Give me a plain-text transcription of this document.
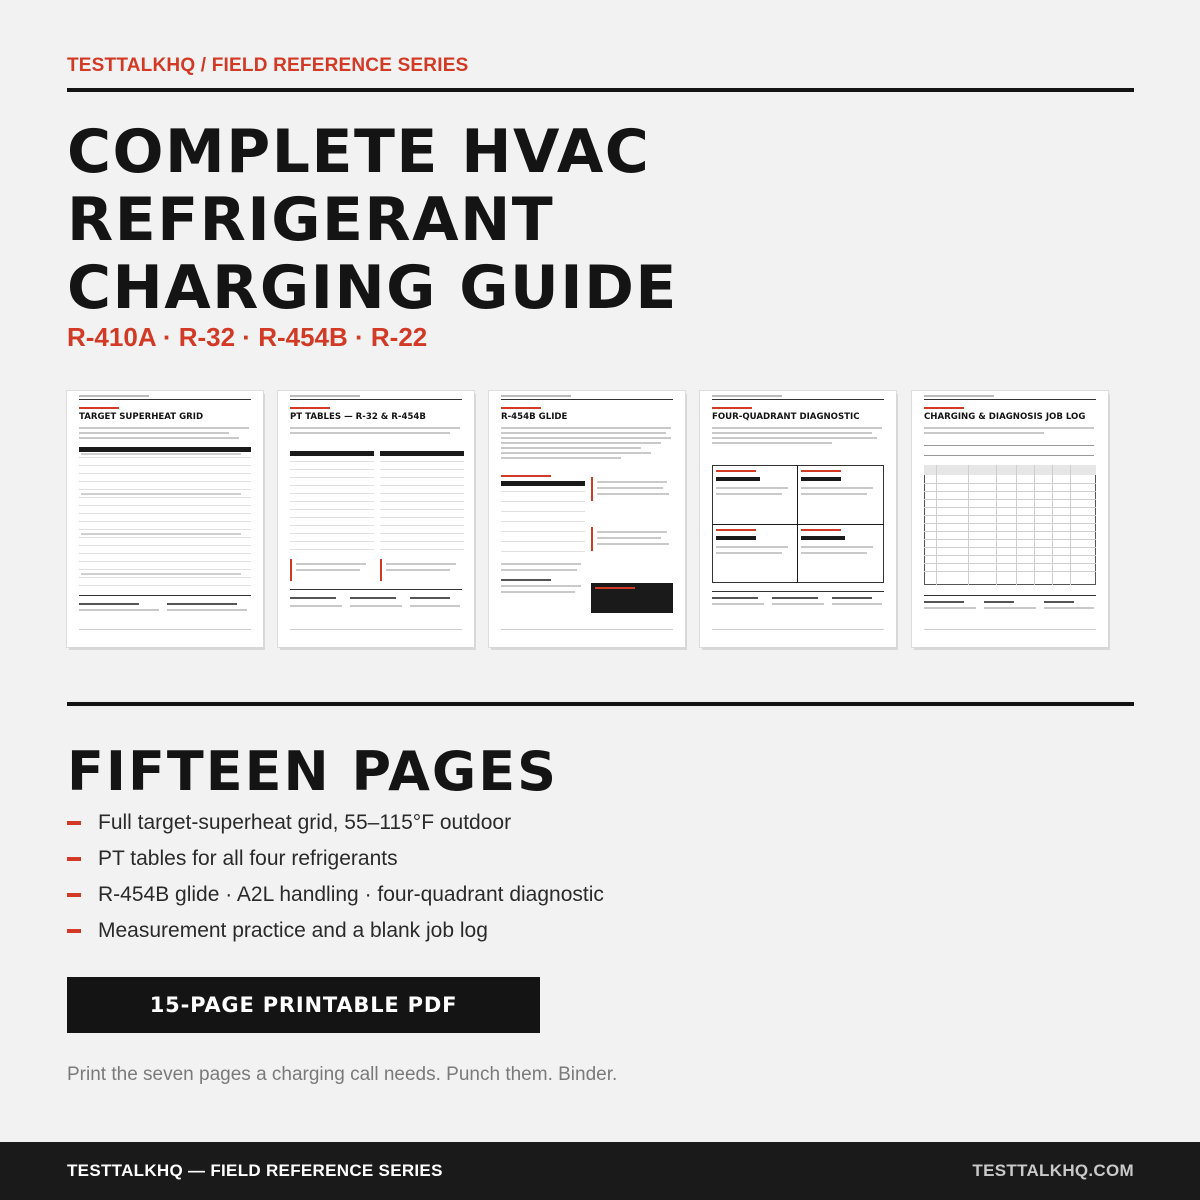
TESTTALKHQ / FIELD REFERENCE SERIES
COMPLETE HVAC
REFRIGERANT
CHARGING GUIDE
R-410A · R-32 · R-454B · R-22
TARGET SUPERHEAT GRID	PT TABLES — R-32 & R-454B	R-454B GLIDE	FOUR-QUADRANT DIAGNOSTIC	CHARGING & DIAGNOSIS JOB LOG
FIFTEEN PAGES
Full target-superheat grid, 55–115°F outdoor
PT tables for all four refrigerants
R-454B glide · A2L handling · four-quadrant diagnostic
Measurement practice and a blank job log
15-PAGE PRINTABLE PDF
Print the seven pages a charging call needs. Punch them. Binder.
TESTTALKHQ — FIELD REFERENCE SERIES	TESTTALKHQ.COM
